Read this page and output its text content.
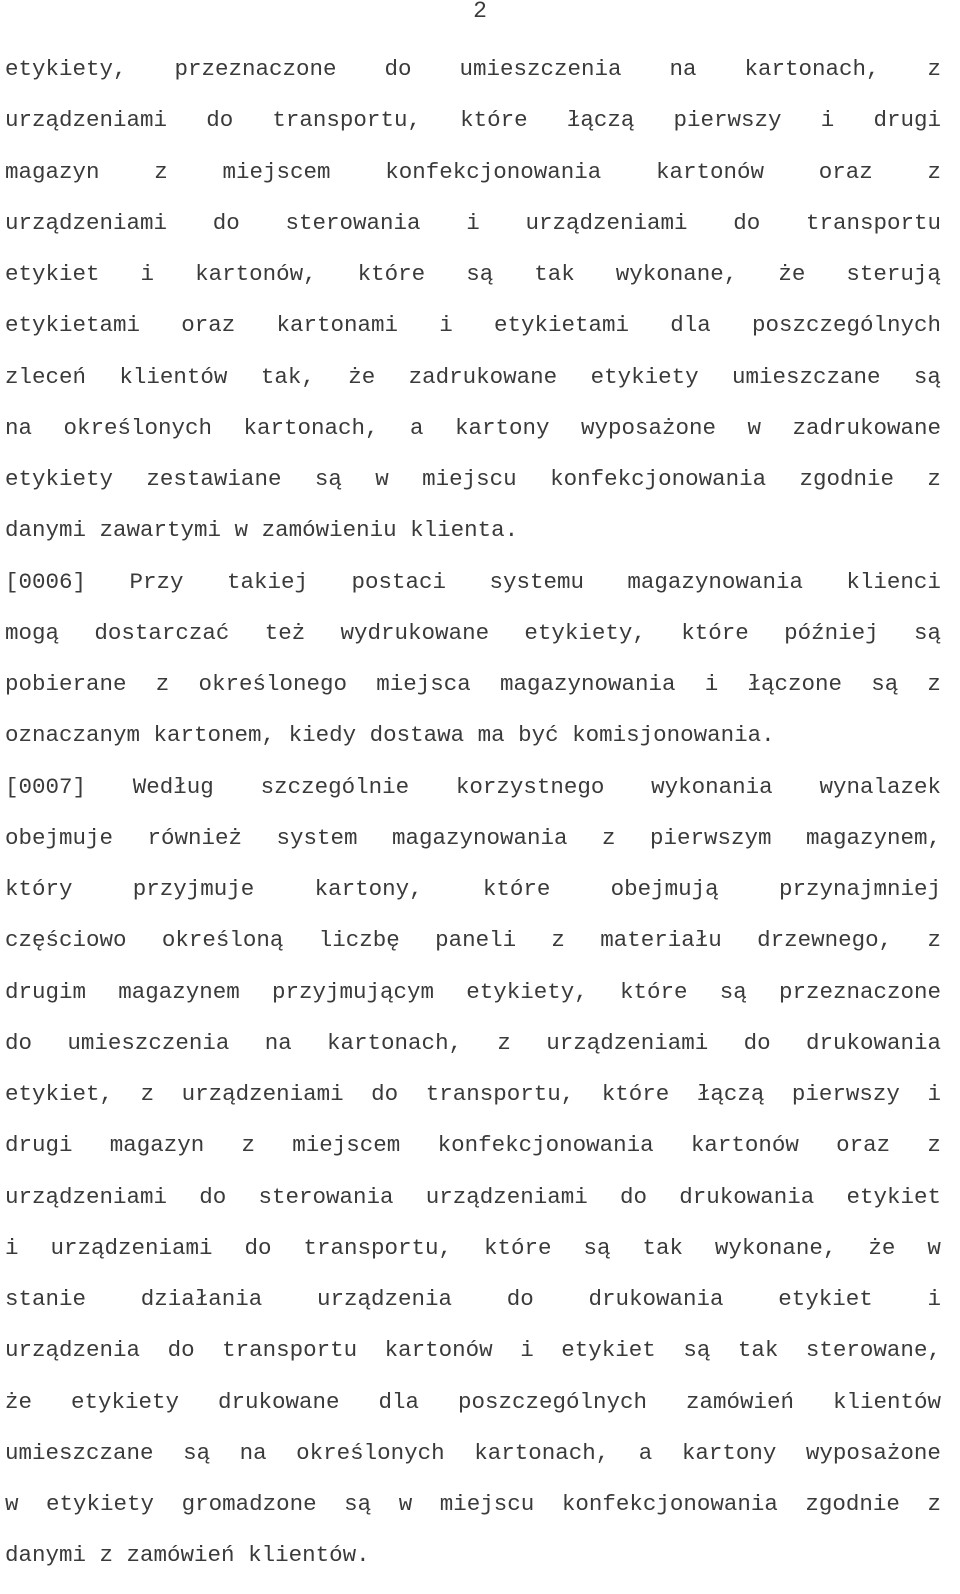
2
etykiety, przeznaczone do umieszczenia na kartonach, z
urządzeniami do transportu, które łączą pierwszy i drugi
magazyn z miejscem konfekcjonowania kartonów oraz z
urządzeniami do sterowania i urządzeniami do transportu
etykiet i kartonów, które są tak wykonane, że sterują
etykietami oraz kartonami i etykietami dla poszczególnych
zleceń klientów tak, że zadrukowane etykiety umieszczane są
na określonych kartonach, a kartony wyposażone w zadrukowane
etykiety zestawiane są w miejscu konfekcjonowania zgodnie z
danymi zawartymi w zamówieniu klienta.
[0006] Przy takiej postaci systemu magazynowania klienci
mogą dostarczać też wydrukowane etykiety, które później są
pobierane z określonego miejsca magazynowania i łączone są z
oznaczanym kartonem, kiedy dostawa ma być komisjonowania.
[0007] Według szczególnie korzystnego wykonania wynalazek
obejmuje również system magazynowania z pierwszym magazynem,
który	przyjmuje	kartony,	które	obejmują	przynajmniej
częściowo określoną liczbę paneli z materiału drzewnego, z
drugim magazynem przyjmującym etykiety, które są przeznaczone
do umieszczenia na kartonach, z urządzeniami do drukowania
etykiet, z urządzeniami do transportu, które łączą pierwszy i
drugi magazyn z miejscem konfekcjonowania kartonów oraz z
urządzeniami do sterowania urządzeniami do drukowania etykiet
i urządzeniami do transportu, które są tak wykonane, że w
stanie działania urządzenia do drukowania etykiet i
urządzenia do transportu kartonów i etykiet są tak sterowane,
że etykiety drukowane dla poszczególnych zamówień klientów
umieszczane są na określonych kartonach, a kartony wyposażone
w etykiety gromadzone są w miejscu konfekcjonowania zgodnie z
danymi z zamówień klientów.
